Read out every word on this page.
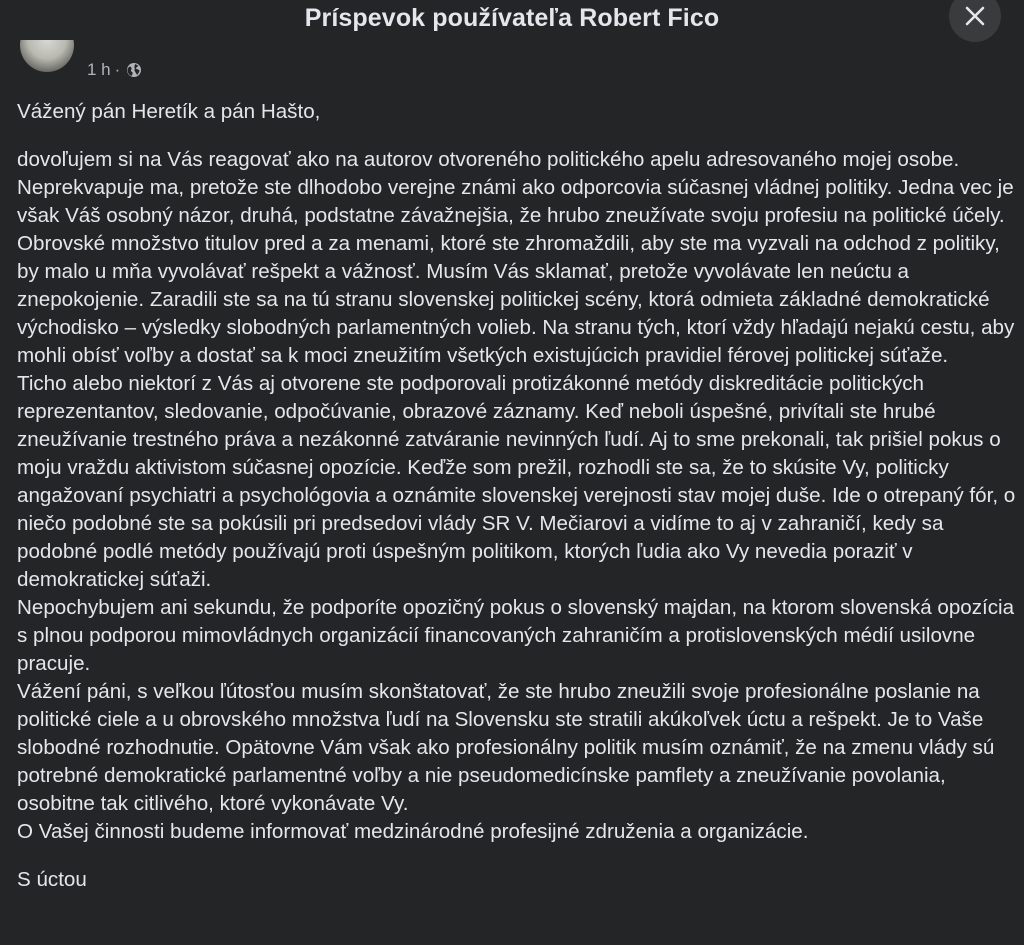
Príspevok používateľa Robert Fico
1 h ·

Vážený pán Heretík a pán Hašto,

dovoľujem si na Vás reagovať ako na autorov otvoreného politického apelu adresovaného mojej osobe. Neprekvapuje ma, pretože ste dlhodobo verejne známi ako odporcovia súčasnej vládnej politiky. Jedna vec je však Váš osobný názor, druhá, podstatne závažnejšia, že hrubo zneužívate svoju profesiu na politické účely.

Obrovské množstvo titulov pred a za menami, ktoré ste zhromaždili, aby ste ma vyzvali na odchod z politiky, by malo u mňa vyvolávať rešpekt a vážnosť. Musím Vás sklamať, pretože vyvolávate len neúctu a znepokojenie. Zaradili ste sa na tú stranu slovenskej politickej scény, ktorá odmieta základné demokratické východisko – výsledky slobodných parlamentných volieb. Na stranu tých, ktorí vždy hľadajú nejakú cestu, aby mohli obísť voľby a dostať sa k moci zneužitím všetkých existujúcich pravidiel férovej politickej súťaže.

Ticho alebo niektorí z Vás aj otvorene ste podporovali protizákonné metódy diskreditácie politických reprezentantov, sledovanie, odpočúvanie, obrazové záznamy. Keď neboli úspešné, privítali ste hrubé zneužívanie trestného práva a nezákonné zatváranie nevinných ľudí. Aj to sme prekonali, tak prišiel pokus o moju vraždu aktivistom súčasnej opozície. Keďže som prežil, rozhodli ste sa, že to skúsite Vy, politicky angažovaní psychiatri a psychológovia a oznámite slovenskej verejnosti stav mojej duše. Ide o otrepaný fór, o niečo podobné ste sa pokúsili pri predsedovi vlády SR V. Mečiarovi a vidíme to aj v zahraničí, kedy sa podobné podlé metódy používajú proti úspešným politikom, ktorých ľudia ako Vy nevedia poraziť v demokratickej súťaži.

Nepochybujem ani sekundu, že podporíte opozičný pokus o slovenský majdan, na ktorom slovenská opozícia s plnou podporou mimovládnych organizácií financovaných zahraničím a protislovenských médií usilovne pracuje.

Vážení páni, s veľkou ľútosťou musím skonštatovať, že ste hrubo zneužili svoje profesionálne poslanie na politické ciele a u obrovského množstva ľudí na Slovensku ste stratili akúkoľvek úctu a rešpekt. Je to Vaše slobodné rozhodnutie. Opätovne Vám však ako profesionálny politik musím oznámiť, že na zmenu vlády sú potrebné demokratické parlamentné voľby a nie pseudomedicínske pamflety a zneužívanie povolania, osobitne tak citlivého, ktoré vykonávate Vy.

O Vašej činnosti budeme informovať medzinárodné profesijné združenia a organizácie.

S úctou
